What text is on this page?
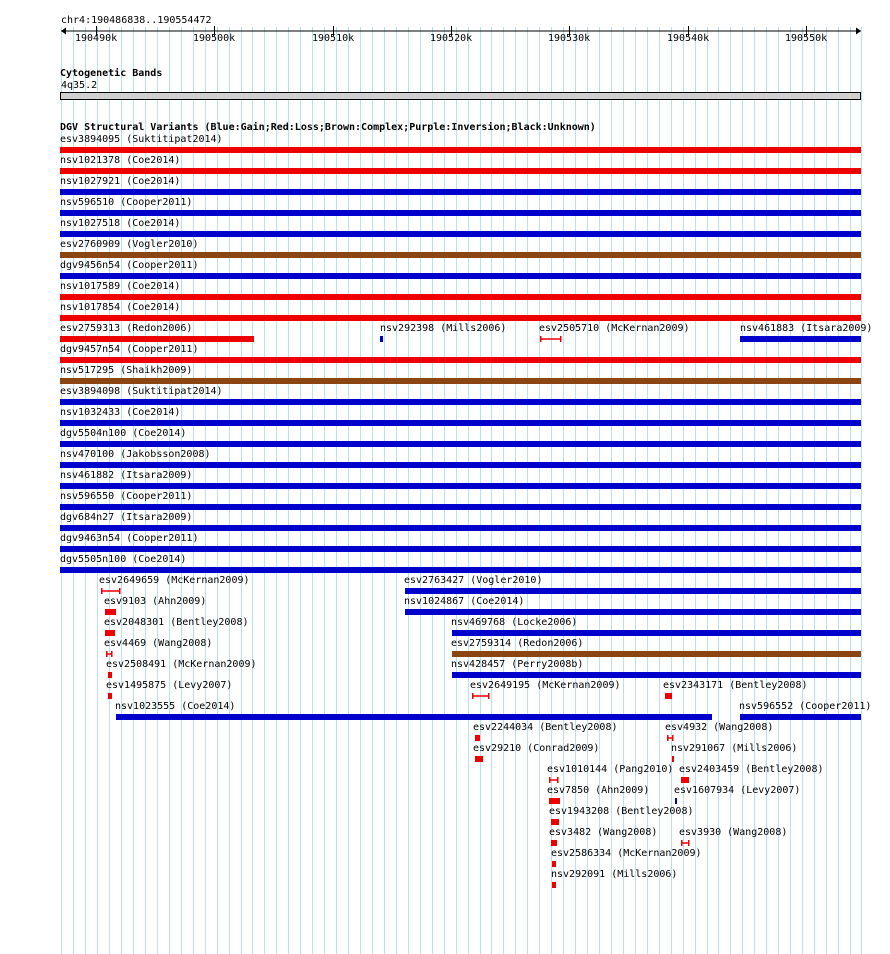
chr4:190486838..190554472
190490k	190500k	190510k	190520k	190530k	190540k	190550k
Cytogenetic Bands
4q35.2
DGV Structural Variants (Blue:Gain;Red:Loss;Brown:Complex;Purple:Inversion;Black:Unknown)
esv3894095 (Suktitipat2014)
nsv1021378 (Coe2014)
nsv1027921 (Coe2014)
nsv596510 (Cooper2011)
nsv1027518 (Coe2014)
esv2760909 (Vogler2010)
dgv9456n54 (Cooper2011)
nsv1017589 (Coe2014)
nsv1017854 (Coe2014)
esv2759313 (Redon2006)	nsv292398 (Mills2006)	esv2505710 (McKernan2009)	nsv461883 (Itsara2009)
dgv9457n54 (Cooper2011)
nsv517295 (Shaikh2009)
esv3894098 (Suktitipat2014)
nsv1032433 (Coe2014)
dgv5504n100 (Coe2014)
nsv470100 (Jakobsson2008)
nsv461882 (Itsara2009)
nsv596550 (Cooper2011)
dgv684n27 (Itsara2009)
dgv9463n54 (Cooper2011)
dgv5505n100 (Coe2014)
esv2649659 (McKernan2009)	esv2763427 (Vogler2010)
esv9103 (Ahn2009)	nsv1024867 (Coe2014)
esv2048301 (Bentley2008)	nsv469768 (Locke2006)
esv4469 (Wang2008)	esv2759314 (Redon2006)
esv2508491 (McKernan2009)	nsv428457 (Perry2008b)
esv1495875 (Levy2007)	esv2649195 (McKernan2009)	esv2343171 (Bentley2008)
nsv1023555 (Coe2014)	nsv596552 (Cooper2011)
esv2244034 (Bentley2008)	esv4932 (Wang2008)
esv29210 (Conrad2009)	nsv291067 (Mills2006)
esv1010144 (Pang2010) esv2403459 (Bentley2008)
esv7850 (Ahn2009) esv1607934 (Levy2007)
esv1943208 (Bentley2008)
esv3482 (Wang2008) esv3930 (Wang2008)
esv2586334 (McKernan2009)
nsv292091 (Mills2006)
